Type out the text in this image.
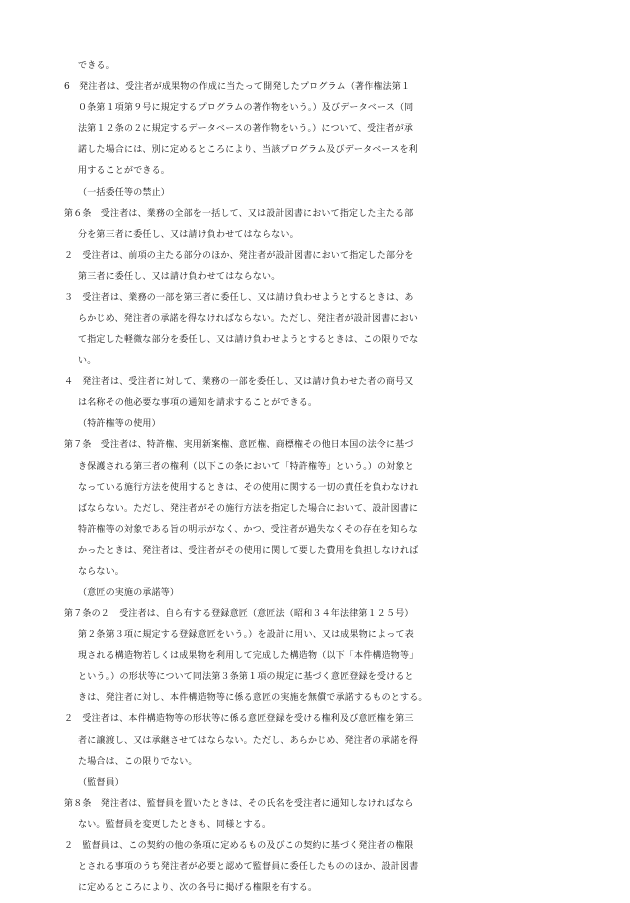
できる。
6　発注者は、受注者が成果物の作成に当たって開発したプログラム（著作権法第１
０条第１項第９号に規定するプログラムの著作物をいう。）及びデータベース（同
法第１２条の２に規定するデータベースの著作物をいう。）について、受注者が承
諾した場合には、別に定めるところにより、当該プログラム及びデータベースを利
用することができる。
（一括委任等の禁止）
第６条　受注者は、業務の全部を一括して、又は設計図書において指定した主たる部
分を第三者に委任し、又は請け負わせてはならない。
２　受注者は、前項の主たる部分のほか、発注者が設計図書において指定した部分を
第三者に委任し、又は請け負わせてはならない。
３　受注者は、業務の一部を第三者に委任し、又は請け負わせようとするときは、あ
らかじめ、発注者の承諾を得なければならない。ただし、発注者が設計図書におい
て指定した軽微な部分を委任し、又は請け負わせようとするときは、この限りでな
い。
４　発注者は、受注者に対して、業務の一部を委任し、又は請け負わせた者の商号又
は名称その他必要な事項の通知を請求することができる。
（特許権等の使用）
第７条　受注者は、特許権、実用新案権、意匠権、商標権その他日本国の法令に基づ
き保護される第三者の権利（以下この条において「特許権等」という。）の対象と
なっている施行方法を使用するときは、その使用に関する一切の責任を負わなけれ
ばならない。ただし、発注者がその施行方法を指定した場合において、設計図書に
特許権等の対象である旨の明示がなく、かつ、受注者が過失なくその存在を知らな
かったときは、発注者は、受注者がその使用に関して要した費用を負担しなければ
ならない。
（意匠の実施の承諾等）
第７条の２　受注者は、自ら有する登録意匠（意匠法（昭和３４年法律第１２５号）
第２条第３項に規定する登録意匠をいう。）を設計に用い、又は成果物によって表
現される構造物若しくは成果物を利用して完成した構造物（以下「本件構造物等」
という。）の形状等について同法第３条第１項の規定に基づく意匠登録を受けると
きは、発注者に対し、本件構造物等に係る意匠の実施を無償で承諾するものとする。
２　受注者は、本件構造物等の形状等に係る意匠登録を受ける権利及び意匠権を第三
者に譲渡し、又は承継させてはならない。ただし、あらかじめ、発注者の承諾を得
た場合は、この限りでない。
（監督員）
第８条　発注者は、監督員を置いたときは、その氏名を受注者に通知しなければなら
ない。監督員を変更したときも、同様とする。
２　監督員は、この契約の他の条項に定めるもの及びこの契約に基づく発注者の権限
とされる事項のうち発注者が必要と認めて監督員に委任したもののほか、設計図書
に定めるところにより、次の各号に掲げる権限を有する。
